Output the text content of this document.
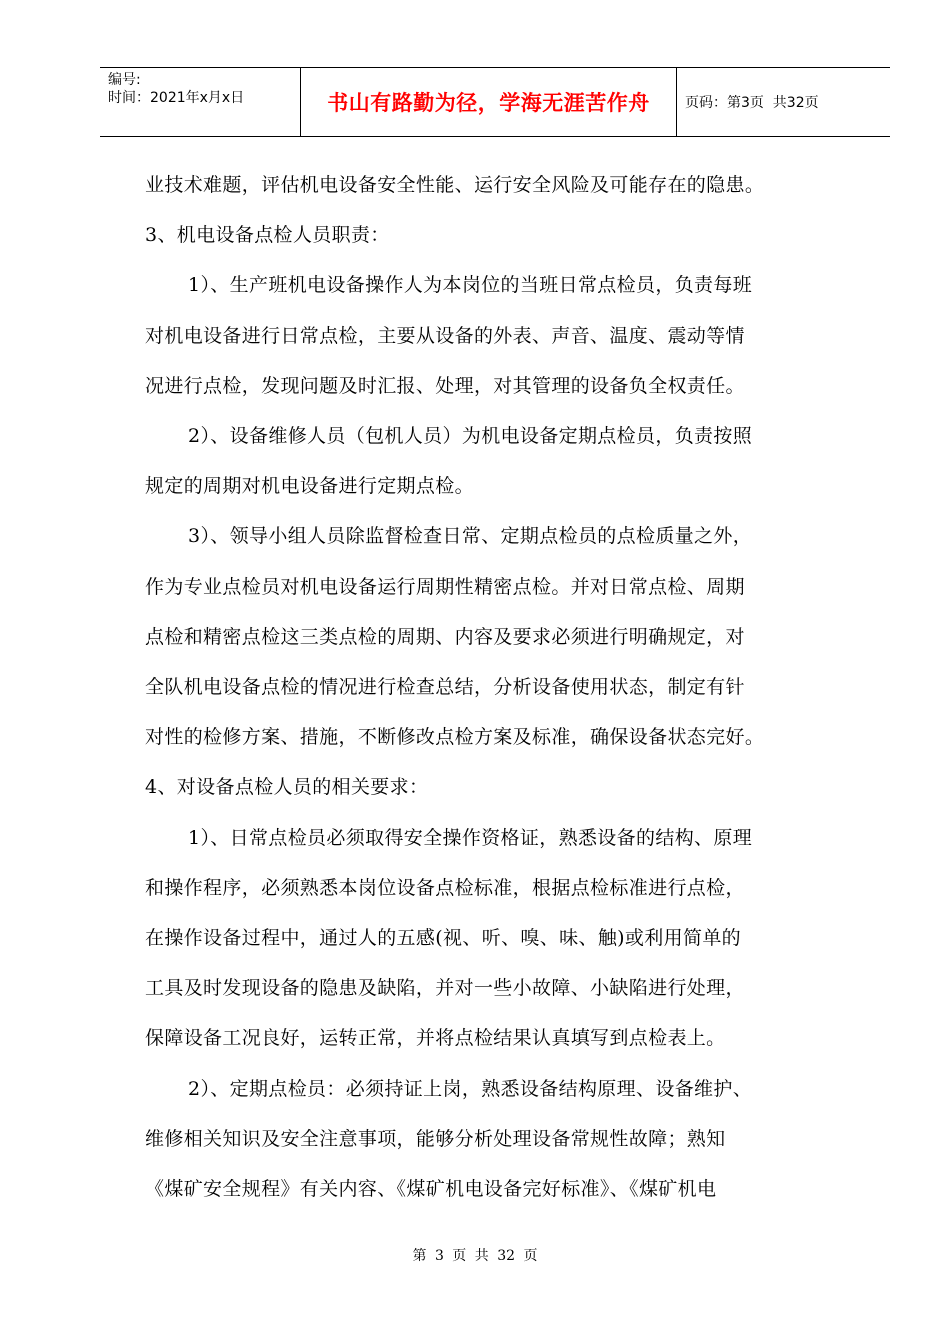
编号:
时间：2021年x月x日	书山有路勤为径，学海无涯苦作舟	页码：第3页  共32页

业技术难题，评估机电设备安全性能、运行安全风险及可能存在的隐患。

3、机电设备点检人员职责：

1）、生产班机电设备操作人为本岗位的当班日常点检员，负责每班

对机电设备进行日常点检，主要从设备的外表、声音、温度、震动等情

况进行点检，发现问题及时汇报、处理，对其管理的设备负全权责任。

2）、设备维修人员（包机人员）为机电设备定期点检员，负责按照

规定的周期对机电设备进行定期点检。

3）、领导小组人员除监督检查日常、定期点检员的点检质量之外，

作为专业点检员对机电设备运行周期性精密点检。并对日常点检、周期

点检和精密点检这三类点检的周期、内容及要求必须进行明确规定，对

全队机电设备点检的情况进行检查总结，分析设备使用状态，制定有针

对性的检修方案、措施，不断修改点检方案及标准，确保设备状态完好。

4、对设备点检人员的相关要求：

1）、日常点检员必须取得安全操作资格证，熟悉设备的结构、原理

和操作程序，必须熟悉本岗位设备点检标准，根据点检标准进行点检，

在操作设备过程中，通过人的五感(视、听、嗅、味、触)或利用简单的

工具及时发现设备的隐患及缺陷，并对一些小故障、小缺陷进行处理，

保障设备工况良好，运转正常，并将点检结果认真填写到点检表上。

2）、定期点检员：必须持证上岗，熟悉设备结构原理、设备维护、

维修相关知识及安全注意事项，能够分析处理设备常规性故障；熟知

《煤矿安全规程》有关内容、《煤矿机电设备完好标准》、《煤矿机电

第 3 页 共 32 页
